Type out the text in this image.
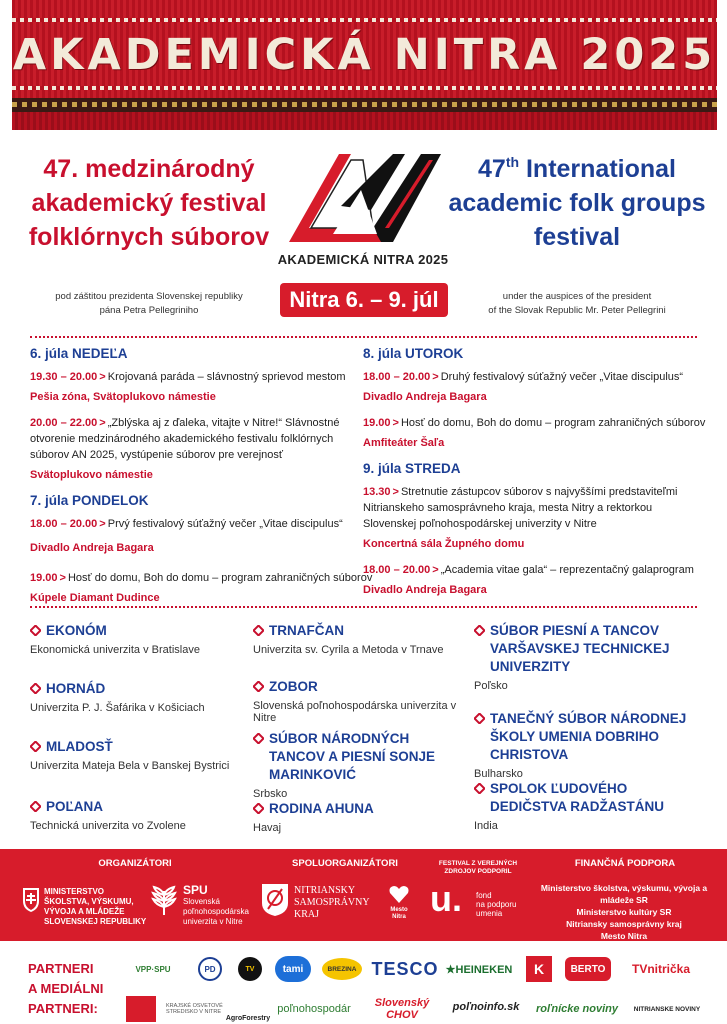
AKADEMICKÁ NITRA 2025
47. medzinárodný
akademický festival
folklórnych súborov
AKADEMICKÁ NITRA 2025
47th International
academic folk groups
festival
pod záštitou prezidenta Slovenskej republiky
pána Petra Pellegriniho	Nitra 6. – 9. júl	under the auspices of the president
of the Slovak Republic Mr. Peter Pellegrini
6. júla NEDEĽA
19.30 – 20.00 > Krojovaná paráda – slávnostný sprievod mestom
Pešia zóna, Svätoplukovo námestie
20.00 – 22.00 > „Zblýska aj z ďaleka, vitajte v Nitre!“ Slávnostné otvorenie medzinárodného akademického festivalu folklórnych súborov AN 2025, vystúpenie súborov pre verejnosť
Svätoplukovo námestie
7. júla PONDELOK
18.00 – 20.00 > Prvý festivalový súťažný večer „Vitae discipulus“
Divadlo Andreja Bagara
19.00 > Hosť do domu, Boh do domu – program zahraničných súborov
Kúpele Diamant Dudince
8. júla UTOROK
18.00 – 20.00 > Druhý festivalový súťažný večer „Vitae discipulus“
Divadlo Andreja Bagara
19.00 > Hosť do domu, Boh do domu – program zahraničných súborov
Amfiteáter Šaľa
9. júla STREDA
13.30 > Stretnutie zástupcov súborov s najvyššími predstaviteľmi Nitrianskeho samosprávneho kraja, mesta Nitry a rektorkou Slovenskej poľnohospodárskej univerzity v Nitre
Koncertná sála Župného domu
18.00 – 20.00 > „Academia vitae gala“ – reprezentačný galaprogram
Divadlo Andreja Bagara
EKONÓM
Ekonomická univerzita v Bratislave
HORNÁD
Univerzita P. J. Šafárika v Košiciach
MLADOSŤ
Univerzita Mateja Bela v Banskej Bystrici
POĽANA
Technická univerzita vo Zvolene
TRNAFČAN
Univerzita sv. Cyrila a Metoda v Trnave
ZOBOR
Slovenská poľnohospodárska univerzita v Nitre
SÚBOR NÁRODNÝCH TANCOV A PIESNÍ SONJE MARINKOVIĆ
Srbsko
RODINA AHUNA
Havaj
SÚBOR PIESNÍ A TANCOV VARŠAVSKEJ TECHNICKEJ UNIVERZITY
Poľsko
TANEČNÝ SÚBOR NÁRODNEJ ŠKOLY UMENIA DOBRIHO CHRISTOVA
Bulharsko
SPOLOK ĽUDOVÉHO DEDIČSTVA RADŽASTÁNU
India
ORGANIZÁTORI	SPOLUORGANIZÁTORI	FESTIVAL Z VEREJNÝCH ZDROJOV PODPORIL
FINANČNÁ PODPORA
MINISTERSTVO
ŠKOLSTVA, VÝSKUMU,
VÝVOJA A MLÁDEŽE
SLOVENSKEJ REPUBLIKY
SPU
Slovenská
poľnohospodárska
univerzita v Nitre
NITRIANSKY
SAMOSPRÁVNY
KRAJ	Mesto
Nitra u. fond
na podporu
umenia
Ministerstvo školstva, výskumu, vývoja a mládeže SR
Ministerstvo kultúry SR
Nitriansky samosprávny kraj
Mesto Nitra
PARTNERI
A MEDIÁLNI
PARTNERI:
VPP·SPU	PD	TV	tami	BREZINA TESCO ★HEINEKEN	K	BERTO	TVnitrička
KRAJSKÉ OSVETOVÉ STREDISKO V NITRE
AgroForestry
poľnohospodár	Slovenský CHOV
poľnoinfo.sk	roľnícke noviny	NITRIANSKE NOVINY
